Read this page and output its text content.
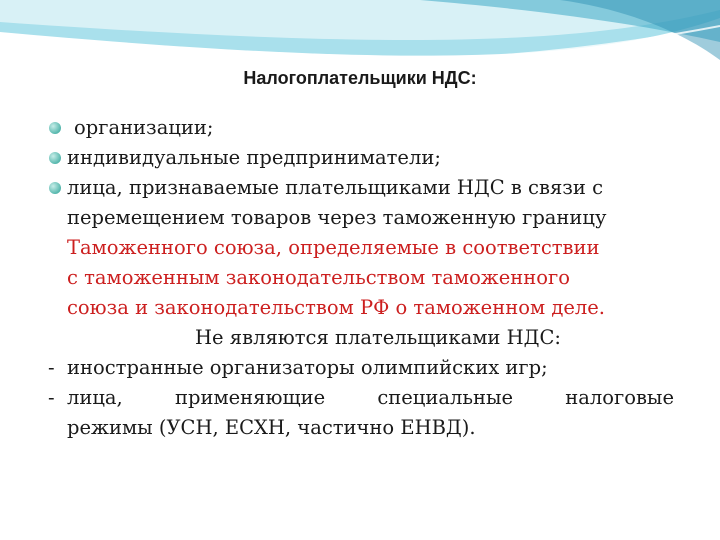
Налогоплательщики НДС:
организации;
индивидуальные предприниматели;
лица, признаваемые плательщиками НДС в связи с
перемещением товаров через таможенную границу
Таможенного союза, определяемые в соответствии
с таможенным законодательством таможенного
союза и законодательством РФ о таможенном деле.
Не являются плательщиками НДС:
- иностранные организаторы олимпийских игр;
- лица, применяющие специальные налоговые
режимы (УСН, ЕСХН, частично ЕНВД).
